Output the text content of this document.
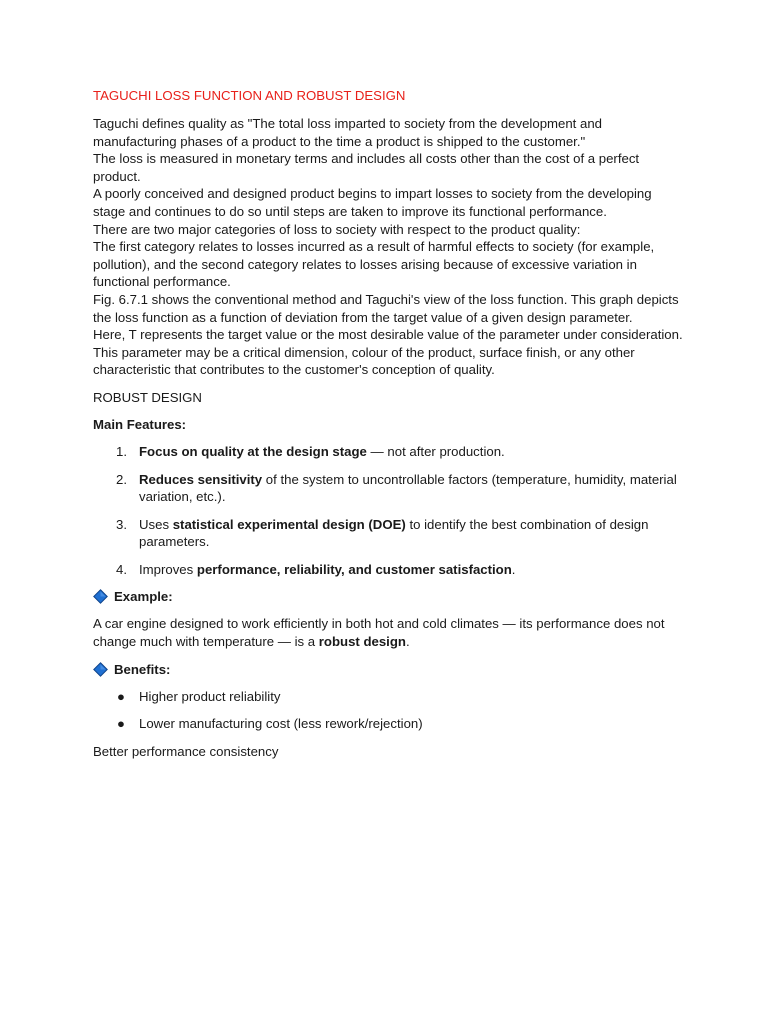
TAGUCHI LOSS FUNCTION AND ROBUST DESIGN

Taguchi defines quality as "The total loss imparted to society from the development and manufacturing phases of a product to the time a product is shipped to the customer."

The loss is measured in monetary terms and includes all costs other than the cost of a perfect product.

A poorly conceived and designed product begins to impart losses to society from the developing stage and continues to do so until steps are taken to improve its functional performance.

There are two major categories of loss to society with respect to the product quality:

The first category relates to losses incurred as a result of harmful effects to society (for example, pollution), and the second category relates to losses arising because of excessive variation in functional performance.

Fig. 6.7.1 shows the conventional method and Taguchi's view of the loss function. This graph depicts the loss function as a function of deviation from the target value of a given design parameter.

Here, T represents the target value or the most desirable value of the parameter under consideration. This parameter may be a critical dimension, colour of the product, surface finish, or any other characteristic that contributes to the customer's conception of quality.

ROBUST DESIGN
Main Features:
1. Focus on quality at the design stage — not after production.
2. Reduces sensitivity of the system to uncontrollable factors (temperature, humidity, material variation, etc.).
3. Uses statistical experimental design (DOE) to identify the best combination of design parameters.
4. Improves performance, reliability, and customer satisfaction.
Example:
A car engine designed to work efficiently in both hot and cold climates — its performance does not change much with temperature — is a robust design.
Benefits:
● Higher product reliability
● Lower manufacturing cost (less rework/rejection)
Better performance consistency
